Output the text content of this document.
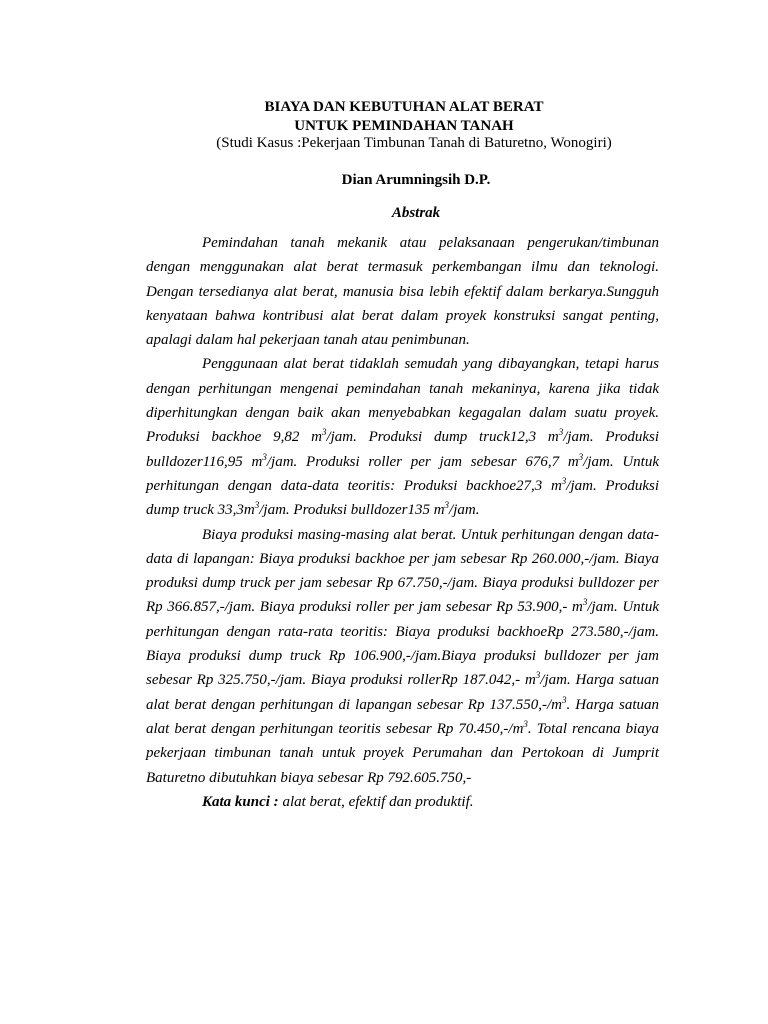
BIAYA DAN KEBUTUHAN ALAT BERAT
UNTUK PEMINDAHAN TANAH
(Studi Kasus :Pekerjaan Timbunan Tanah di Baturetno, Wonogiri)
Dian Arumningsih D.P.
Abstrak

Pemindahan tanah mekanik atau pelaksanaan pengerukan/timbunan dengan menggunakan alat berat termasuk perkembangan ilmu dan teknologi. Dengan tersedianya alat berat, manusia bisa lebih efektif dalam berkarya.Sungguh kenyataan bahwa kontribusi alat berat dalam proyek konstruksi sangat penting, apalagi dalam hal pekerjaan tanah atau penimbunan.

Penggunaan alat berat tidaklah semudah yang dibayangkan, tetapi harus dengan perhitungan mengenai pemindahan tanah mekaninya, karena jika tidak diperhitungkan dengan baik akan menyebabkan kegagalan dalam suatu proyek. Produksi backhoe 9,82 $m^3$/jam. Produksi dump truck12,3 $m^3$/jam. Produksi bulldozer116,95 $m^3$/jam. Produksi roller per jam sebesar 676,7 $m^3$/jam. Untuk perhitungan dengan data-data teoritis: Produksi backhoe27,3 $m^3$/jam. Produksi dump truck $33,3m^3$/jam. Produksi bulldozer135 $m^3$/jam.

Biaya produksi masing-masing alat berat. Untuk perhitungan dengan data-data di lapangan: Biaya produksi backhoe per jam sebesar Rp 260.000,-/jam. Biaya produksi dump truck per jam sebesar Rp 67.750,-/jam. Biaya produksi bulldozer per Rp 366.857,-/jam. Biaya produksi roller per jam sebesar Rp 53.900,- $m^3$/jam. Untuk perhitungan dengan rata-rata teoritis: Biaya produksi backhoeRp 273.580,-/jam. Biaya produksi dump truck Rp 106.900,-/jam.Biaya produksi bulldozer per jam sebesar Rp 325.750,-/jam. Biaya produksi rollerRp 187.042,- $m^3$/jam. Harga satuan alat berat dengan perhitungan di lapangan sebesar Rp $137.550,-/m^3$. Harga satuan alat berat dengan perhitungan teoritis sebesar Rp $70.450,-/m^3$. Total rencana biaya pekerjaan timbunan tanah untuk proyek Perumahan dan Pertokoan di Jumprit Baturetno dibutuhkan biaya sebesar Rp 792.605.750,-

Kata kunci : alat berat, efektif dan produktif.
